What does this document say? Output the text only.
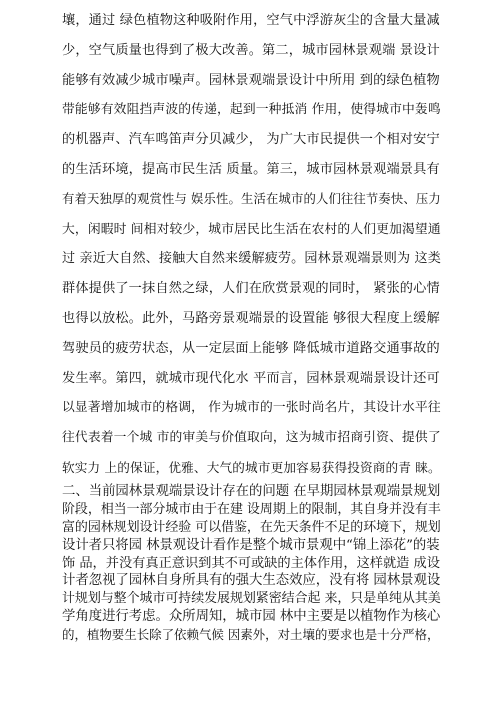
壤，通过 绿色植物这种吸附作用，空气中浮游灰尘的含量大量减
少，空气质量也得到了极大改善。第二，城市园林景观端 景设计
能够有效减少城市噪声。园林景观端景设计中所用 到的绿色植物
带能够有效阻挡声波的传递，起到一种抵消 作用，使得城市中轰鸣
的机器声、汽车鸣笛声分贝减少， 为广大市民提供一个相对安宁
的生活环境，提高市民生活 质量。第三，城市园林景观端景具有
有着天独厚的观赏性与 娱乐性。生活在城市的人们往往节奏快、压力
大，闲暇时 间相对较少，城市居民比生活在农村的人们更加渴望通
过 亲近大自然、接触大自然来缓解疲劳。园林景观端景则为 这类
群体提供了一抹自然之绿，人们在欣赏景观的同时， 紧张的心情
也得以放松。此外，马路旁景观端景的设置能 够很大程度上缓解
驾驶员的疲劳状态，从一定层面上能够 降低城市道路交通事故的
发生率。第四，就城市现代化水 平而言，园林景观端景设计还可
以显著增加城市的格调， 作为城市的一张时尚名片，其设计水平往
往代表着一个城 市的审美与价值取向，这为城市招商引资、提供了
软实力 上的保证，优雅、大气的城市更加容易获得投资商的青 睐。
二、当前园林景观端景设计存在的问题 在早期园林景观端景规划
阶段，相当一部分城市由于在建 设周期上的限制，其自身并没有丰
富的园林规划设计经验 可以借鉴，在先天条件不足的环境下，规划
设计者只将园 林景观设计看作是整个城市景观中“锦上添花”的装
饰 品，并没有真正意识到其不可或缺的主体作用，这样就造 成设
计者忽视了园林自身所具有的强大生态效应，没有将 园林景观设
计规划与整个城市可持续发展规划紧密结合起 来，只是单纯从其美
学角度进行考虑。众所周知，城市园 林中主要是以植物作为核心
的，植物要生长除了依赖气候 因素外，对土壤的要求也是十分严格，
